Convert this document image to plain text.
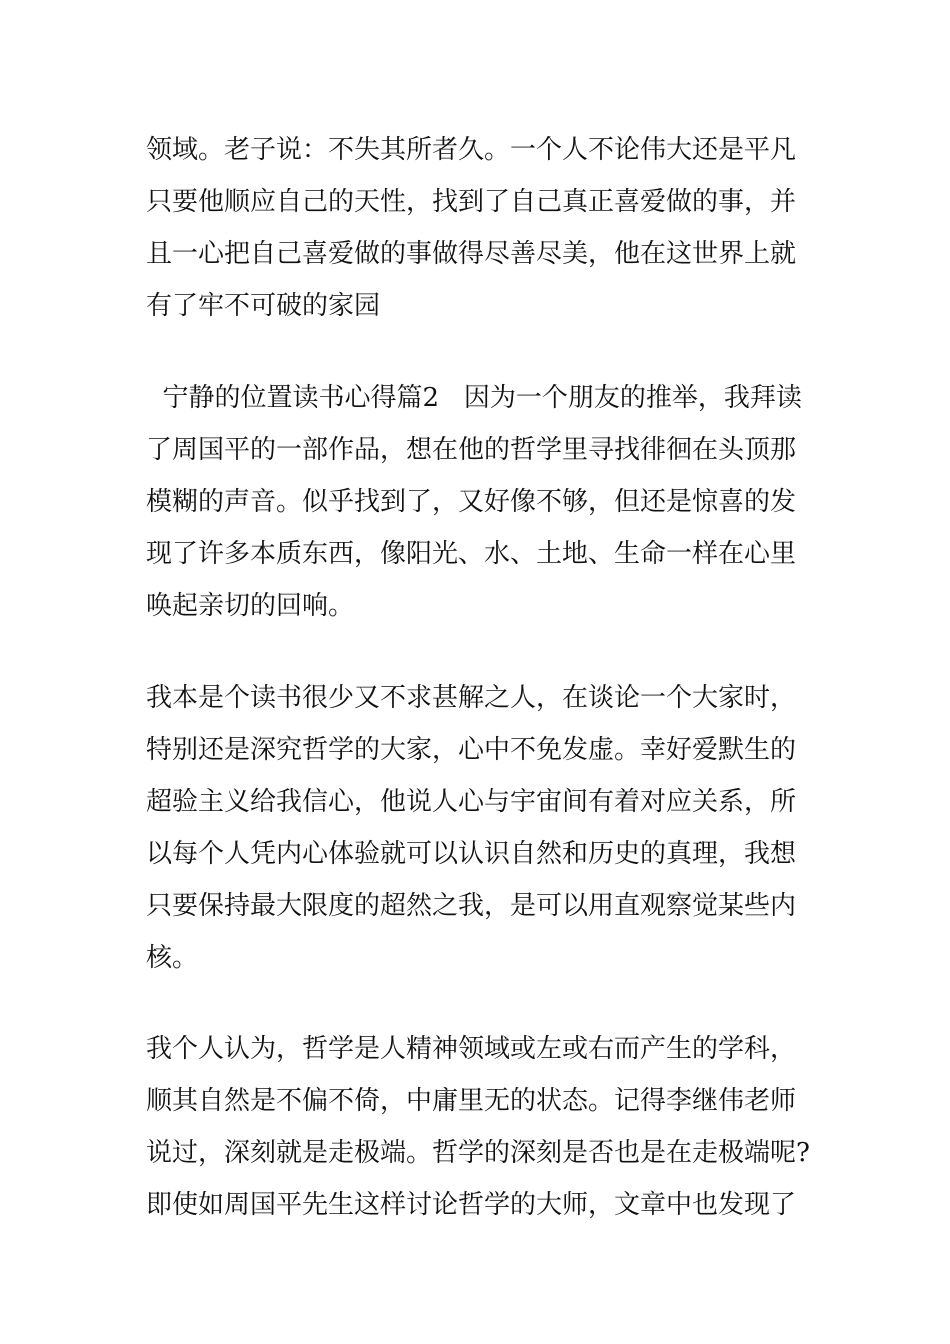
领域。老子说：不失其所者久。一个人不论伟大还是平凡
只要他顺应自己的天性，找到了自己真正喜爱做的事，并
且一心把自己喜爱做的事做得尽善尽美，他在这世界上就
有了牢不可破的家园
宁静的位置读书心得篇2   因为一个朋友的推举，我拜读
了周国平的一部作品，想在他的哲学里寻找徘徊在头顶那
模糊的声音。似乎找到了，又好像不够，但还是惊喜的发
现了许多本质东西，像阳光、水、土地、生命一样在心里
唤起亲切的回响。
我本是个读书很少又不求甚解之人，在谈论一个大家时，
特别还是深究哲学的大家，心中不免发虚。幸好爱默生的
超验主义给我信心，他说人心与宇宙间有着对应关系，所
以每个人凭内心体验就可以认识自然和历史的真理，我想
只要保持最大限度的超然之我，是可以用直观察觉某些内
核。
我个人认为，哲学是人精神领域或左或右而产生的学科，
顺其自然是不偏不倚，中庸里无的状态。记得李继伟老师
说过，深刻就是走极端。哲学的深刻是否也是在走极端呢?
即使如周国平先生这样讨论哲学的大师，文章中也发现了
